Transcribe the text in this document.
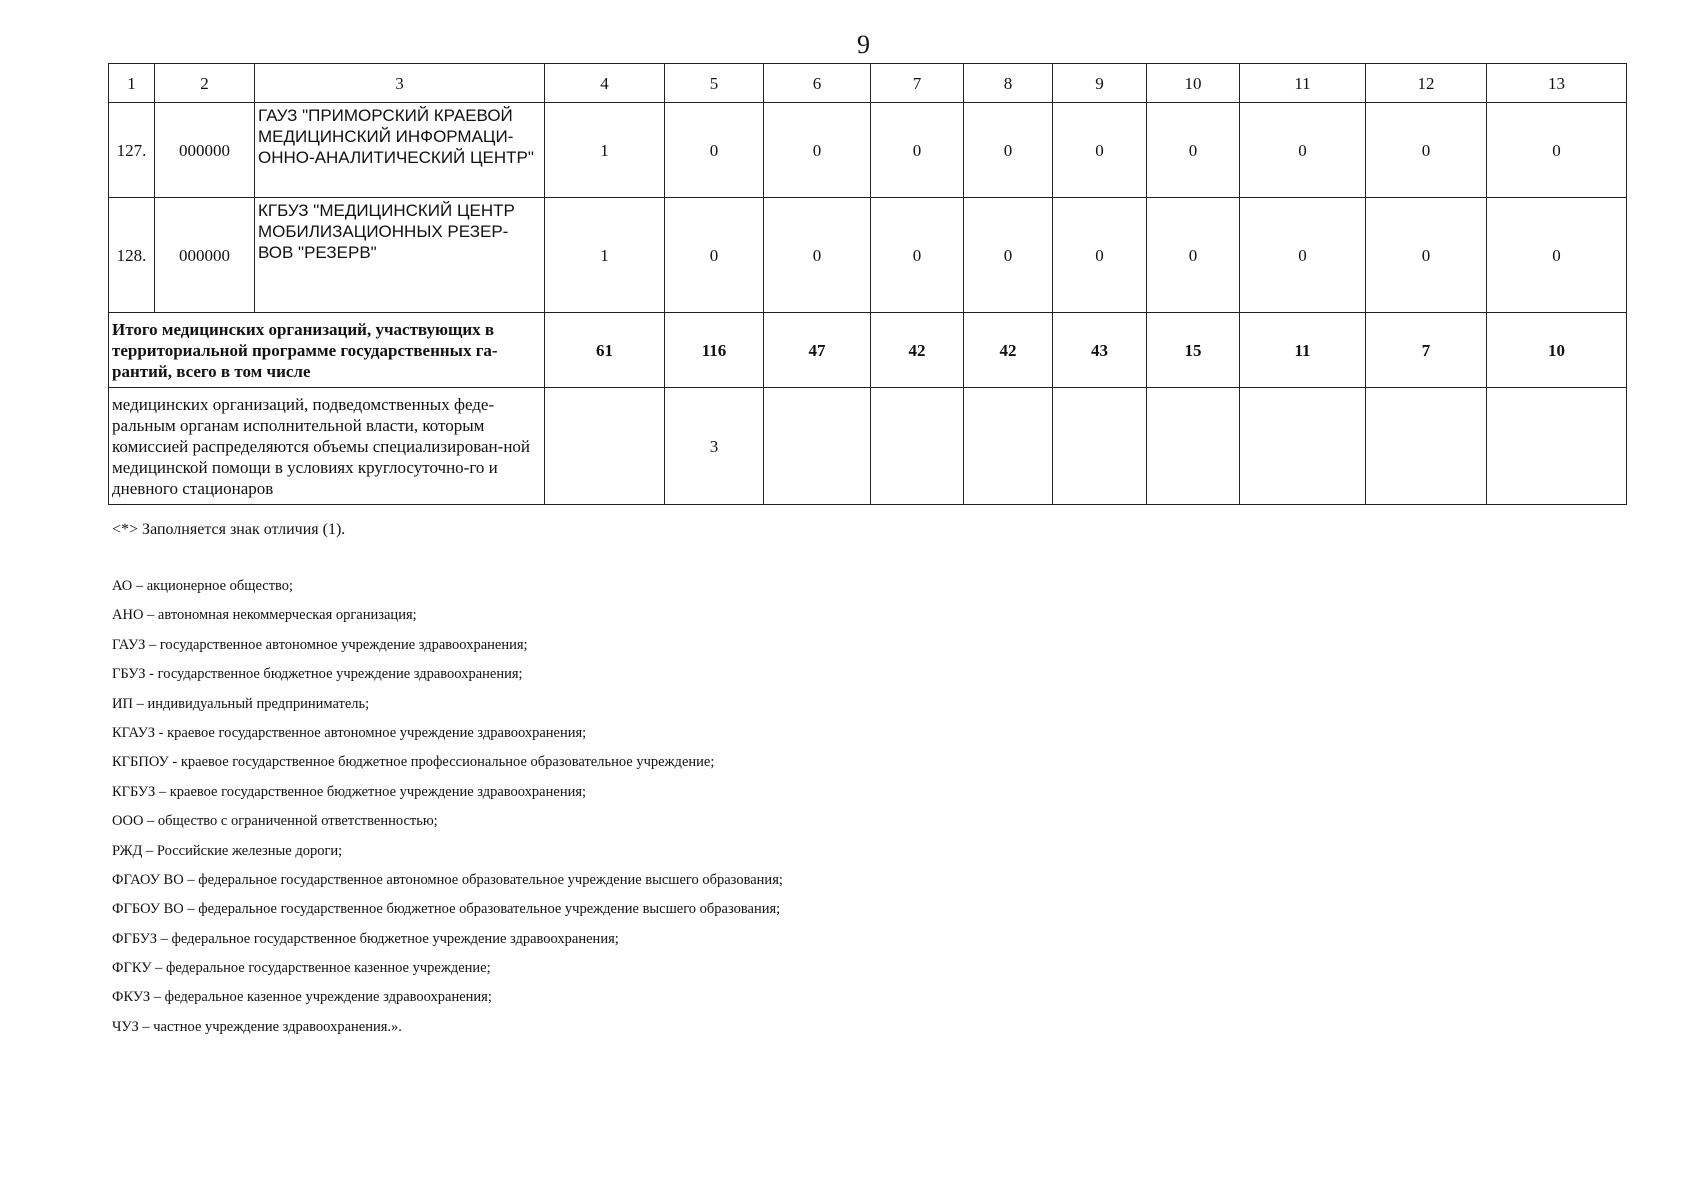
9
1	2	3	4	5	6	7	8	9	10	11	12	13
127.	000000	ГАУЗ "ПРИМОРСКИЙ КРАЕВОЙ МЕДИЦИНСКИЙ ИНФОРМАЦИ-ОННО-АНАЛИТИЧЕСКИЙ ЦЕНТР"	1	0	0	0	0	0	0	0	0	0
128.	000000	КГБУЗ "МЕДИЦИНСКИЙ ЦЕНТР МОБИЛИЗАЦИОННЫХ РЕЗЕР-ВОВ "РЕЗЕРВ"	1	0	0	0	0	0	0	0	0	0
Итого медицинских организаций, участвующих в территориальной программе государственных га-рантий, всего в том числе			61	116	47	42	42	43	15	11	7	10
медицинских организаций, подведомственных феде-ральным органам исполнительной власти, которым комиссией распределяются объемы специализирован-ной медицинской помощи в условиях круглосуточно-го и дневного стационаров				3								
<*> Заполняется знак отличия (1).
АО – акционерное общество;
АНО – автономная некоммерческая организация;
ГАУЗ – государственное автономное учреждение здравоохранения;
ГБУЗ - государственное бюджетное учреждение здравоохранения;
ИП – индивидуальный предприниматель;
КГАУЗ - краевое государственное автономное учреждение здравоохранения;
КГБПОУ - краевое государственное бюджетное профессиональное образовательное учреждение;
КГБУЗ – краевое государственное бюджетное учреждение здравоохранения;
ООО – общество с ограниченной ответственностью;
РЖД – Российские железные дороги;
ФГАОУ ВО – федеральное государственное автономное образовательное учреждение высшего образования;
ФГБОУ ВО – федеральное государственное бюджетное образовательное учреждение высшего образования;
ФГБУЗ – федеральное государственное бюджетное учреждение здравоохранения;
ФГКУ – федеральное государственное казенное учреждение;
ФКУЗ – федеральное казенное учреждение здравоохранения;
ЧУЗ – частное учреждение здравоохранения.».
